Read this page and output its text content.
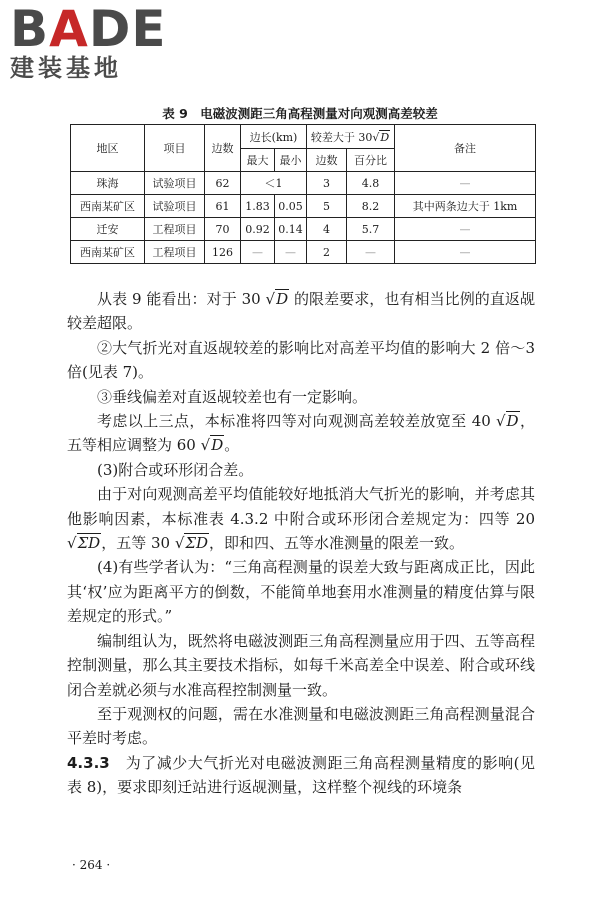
BADE
建装基地
表 9　电磁波测距三角高程测量对向观测高差较差
地区	项目	边数	边长(km)		较差大于 30√D		备注
			最大	最小	边数	百分比	
珠海	试验项目	62	＜1		3	4.8	—
西南某矿区	试验项目	61	1.83	0.05	5	8.2	其中两条边大于 1km
迁安	工程项目	70	0.92	0.14	4	5.7	—
西南某矿区	工程项目	126	—	—	2	—	—

从表 9 能看出：对于 30 √D 的限差要求，也有相当比例的直返觇较差超限。

②大气折光对直返觇较差的影响比对高差平均值的影响大 2 倍～3 倍(见表 7)。

③垂线偏差对直返觇较差也有一定影响。

考虑以上三点，本标准将四等对向观测高差较差放宽至 40 √D，五等相应调整为 60 √D。

(3)附合或环形闭合差。

由于对向观测高差平均值能较好地抵消大气折光的影响，并考虑其他影响因素，本标准表 4.3.2 中附合或环形闭合差规定为：四等 20 √ΣD，五等 30 √ΣD，即和四、五等水准测量的限差一致。

(4)有些学者认为：“三角高程测量的误差大致与距离成正比，因此其‘权’应为距离平方的倒数，不能简单地套用水准测量的精度估算与限差规定的形式。”

编制组认为，既然将电磁波测距三角高程测量应用于四、五等高程控制测量，那么其主要技术指标，如每千米高差全中误差、附合或环线闭合差就必须与水准高程控制测量一致。

至于观测权的问题，需在水准测量和电磁波测距三角高程测量混合平差时考虑。

4.3.3　为了减少大气折光对电磁波测距三角高程测量精度的影响(见表 8)，要求即刻迁站进行返觇测量，这样整个视线的环境条

· 264 ·
